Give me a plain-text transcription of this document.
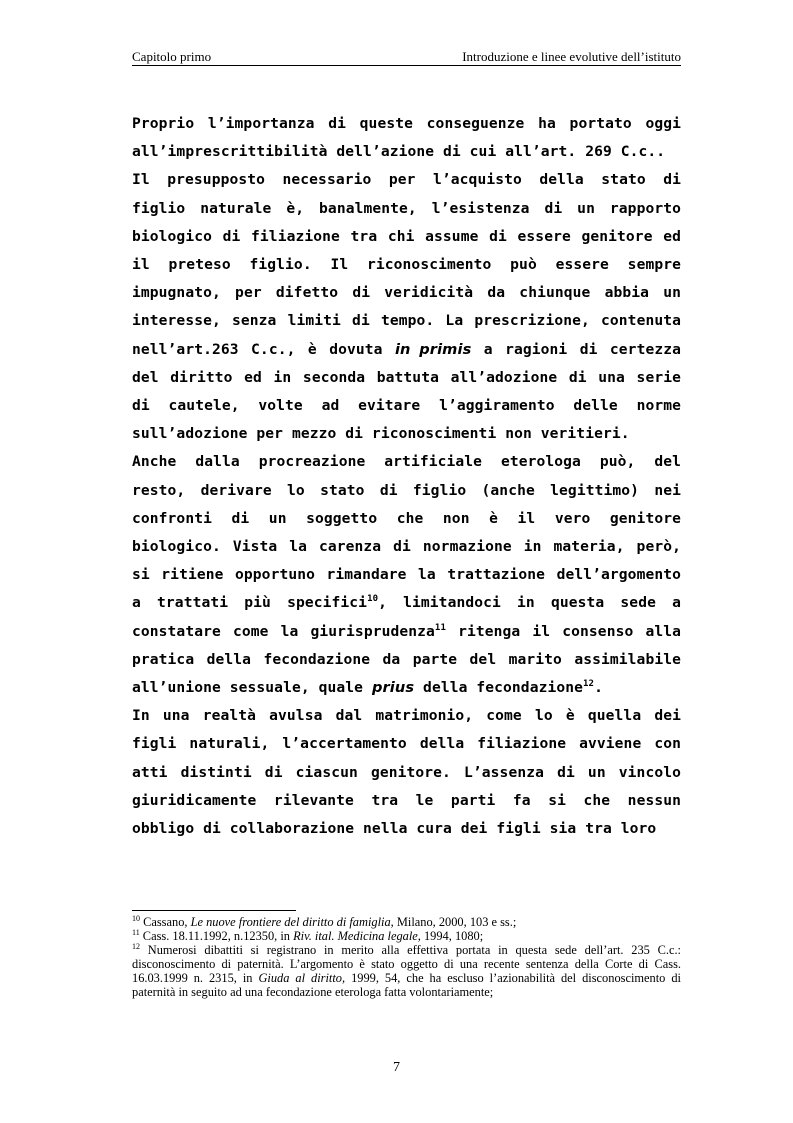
Capitolo primo	Introduzione e linee evolutive dell’istituto

Proprio l’importanza di queste conseguenze ha portato oggi all’imprescrittibilità dell’azione di cui all’art. 269 C.c..

Il presupposto necessario per l’acquisto della stato di figlio naturale è, banalmente, l’esistenza di un rapporto biologico di filiazione tra chi assume di essere genitore ed il preteso figlio. Il riconoscimento può essere sempre impugnato, per difetto di veridicità da chiunque abbia un interesse, senza limiti di tempo. La prescrizione, contenuta nell’art.263 C.c., è dovuta in primis a ragioni di certezza del diritto ed in seconda battuta all’adozione di una serie di cautele, volte ad evitare l’aggiramento delle norme sull’adozione per mezzo di riconoscimenti non veritieri.

Anche dalla procreazione artificiale eterologa può, del resto, derivare lo stato di figlio (anche legittimo) nei confronti di un soggetto che non è il vero genitore biologico. Vista la carenza di normazione in materia, però, si ritiene opportuno rimandare la trattazione dell’argomento a trattati più specifici$^{10}$, limitandoci in questa sede a constatare come la giurisprudenza$^{11}$ ritenga il consenso alla pratica della fecondazione da parte del marito assimilabile all’unione sessuale, quale prius della fecondazione$^{12}$.

In una realtà avulsa dal matrimonio, come lo è quella dei figli naturali, l’accertamento della filiazione avviene con atti distinti di ciascun genitore. L’assenza di un vincolo giuridicamente rilevante tra le parti fa si che nessun obbligo di collaborazione nella cura dei figli sia tra loro

$^{10}$ Cassano, Le nuove frontiere del diritto di famiglia, Milano, 2000, 103 e ss.;

$^{11}$ Cass. 18.11.1992, n.12350, in Riv. ital. Medicina legale, 1994, 1080;

$^{12}$ Numerosi dibattiti si registrano in merito alla effettiva portata in questa sede dell’art. 235 C.c.: disconoscimento di paternità. L’argomento è stato oggetto di una recente sentenza della Corte di Cass. 16.03.1999 n. 2315, in Giuda al diritto, 1999, 54, che ha escluso l’azionabilità del disconoscimento di paternità in seguito ad una fecondazione eterologa fatta volontariamente;

7
